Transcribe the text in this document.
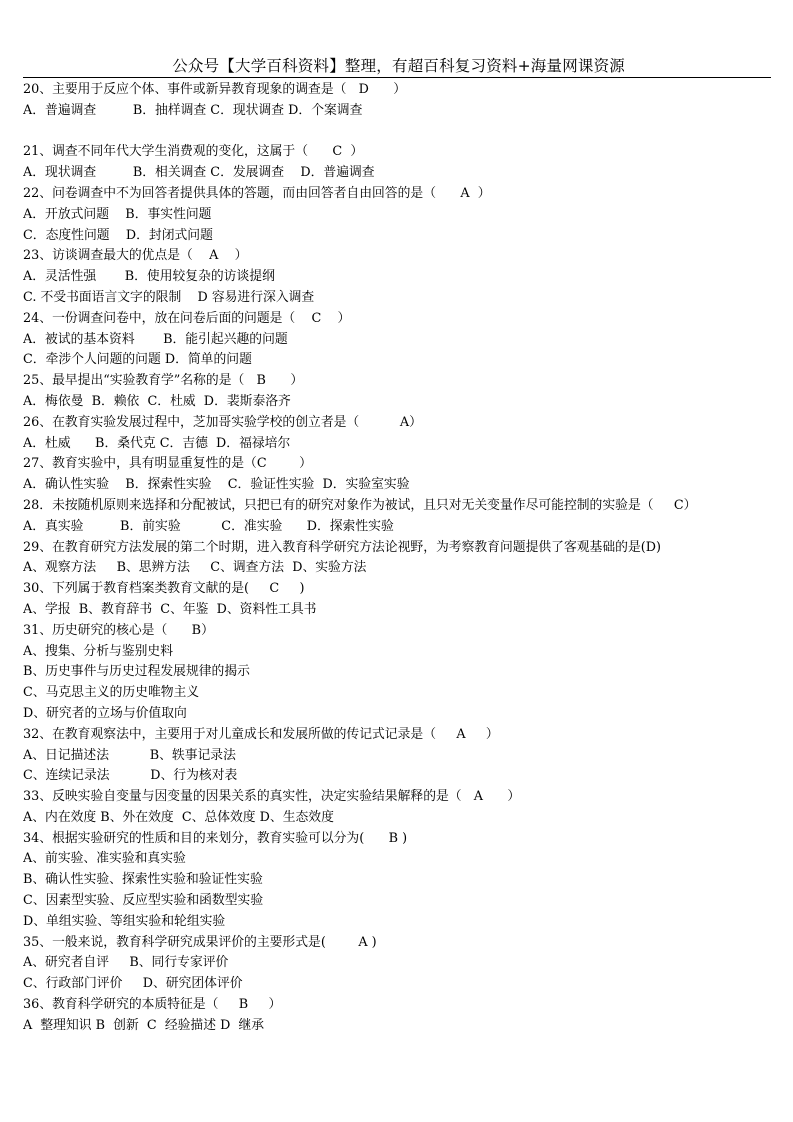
公众号【大学百科资料】整理，有超百科复习资料+海量网课资源
20、主要用于反应个体、事件或新异教育现象的调查是（   D      ）
A．普遍调查         B．抽样调查 C．现状调查 D．个案调查
21、调查不同年代大学生消费观的变化，这属于（      C  ）
A．现状调查         B．相关调查 C．发展调查    D．普遍调查
22、问卷调查中不为回答者提供具体的答题，而由回答者自由回答的是（      A  ）
A．开放式问题    B．事实性问题
C．态度性问题    D．封闭式问题
23、访谈调查最大的优点是（    A    ）
A．灵活性强       B．使用较复杂的访谈提纲
C. 不受书面语言文字的限制    D 容易进行深入调查
24、一份调查问卷中，放在问卷后面的问题是（    C    ）
A．被试的基本资料       B．能引起兴趣的问题
C．牵涉个人问题的问题 D．简单的问题
25、最早提出“实验教育学”名称的是（   B      ）
A．梅依曼  B．赖依  C．杜威  D．裴斯泰洛齐
26、在教育实验发展过程中，芝加哥实验学校的创立者是（          A）
A．杜威      B．桑代克 C．吉德  D．福禄培尔
27、教育实验中，具有明显重复性的是（C        ）
A．确认性实验    B．探索性实验    C．验证性实验  D．实验室实验
28．未按随机原则来选择和分配被试，只把已有的研究对象作为被试，且只对无关变量作尽可能控制的实验是（     C）
A．真实验         B．前实验          C．准实验      D．探索性实验
29、在教育研究方法发展的第二个时期，进入教育科学研究方法论视野，为考察教育问题提供了客观基础的是(D)
A、观察方法     B、思辨方法     C、调查方法  D、实验方法
30、下列属于教育档案类教育文献的是(     C     )
A、学报  B、教育辞书  C、年鉴  D、资料性工具书
31、历史研究的核心是（      B）
A、搜集、分析与鉴别史料
B、历史事件与历史过程发展规律的揭示
C、马克思主义的历史唯物主义
D、研究者的立场与价值取向
32、在教育观察法中，主要用于对儿童成长和发展所做的传记式记录是（     A     ）
A、日记描述法          B、轶事记录法
C、连续记录法          D、行为核对表
33、反映实验自变量与因变量的因果关系的真实性，决定实验结果解释的是（   A      ）
A、内在效度 B、外在效度  C、总体效度 D、生态效度
34、根据实验研究的性质和目的来划分，教育实验可以分为(      B )
A、前实验、准实验和真实验
B、确认性实验、探索性实验和验证性实验
C、因素型实验、反应型实验和函数型实验
D、单组实验、等组实验和轮组实验
35、一般来说，教育科学研究成果评价的主要形式是(        A )
A、研究者自评     B、同行专家评价
C、行政部门评价     D、研究团体评价
36、教育科学研究的本质特征是（     B     ）
A  整理知识 B  创新  C  经验描述 D  继承
